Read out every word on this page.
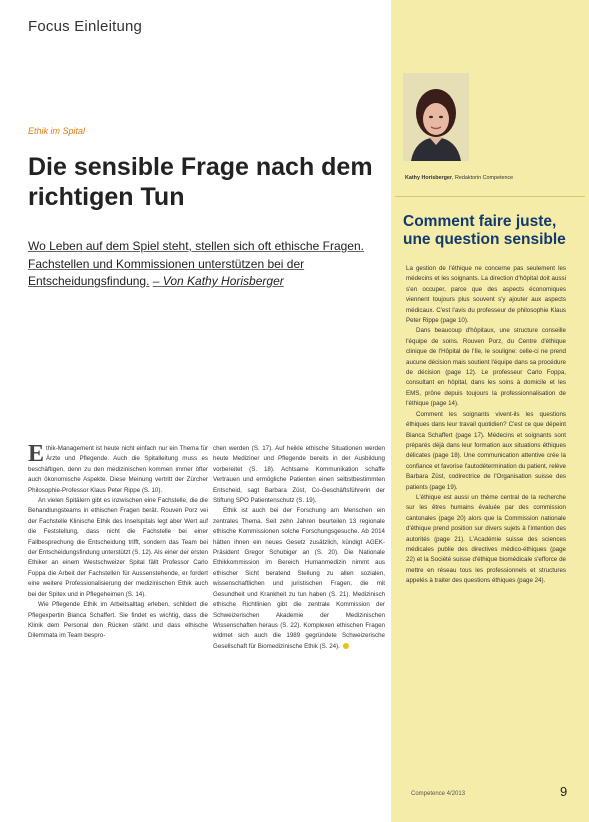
Focus Einleitung
Ethik im Spital
Die sensible Frage nach dem richtigen Tun
Wo Leben auf dem Spiel steht, stellen sich oft ethische Fragen. Fachstellen und Kommissionen unterstützen bei der Entscheidungsfindung. – Von Kathy Horisberger

Ethik-Management ist heute nicht einfach nur ein Thema für Ärzte und Pflegende. Auch die Spitalleitung muss es beschäftigen, denn zu den medizinischen kommen immer öfter auch ökonomische Aspekte. Diese Meinung vertritt der Zürcher Philosophie-Professor Klaus Peter Rippe (S. 10).

An vielen Spitälern gibt es inzwischen eine Fachstelle, die die Behandlungsteams in ethischen Fragen berät. Rouven Porz vei der Fachstelle Klinische Ethik des Inselspitals legt aber Wert auf die Feststellung, dass nicht die Fachstelle bei einer Fallbesprechung die Entscheidung trifft, sondern das Team bei der Entscheidungsfindung unterstützt (S. 12). Als einer der ersten Ethiker an einem Westschweizer Spital fällt Professor Carlo Foppa die Arbeit der Fachstellen für Aussenstehende, er fordert eine weitere Professionalisierung der medizinischen Ethik auch bei der Spitex und in Pflegeheimen (S. 14).

Wie Pflegende Ethik im Arbeitsalltag erleben, schildert die Pflegexpertin Bianca Schaffert. Sie findet es wichtig, dass die Klinik dem Personal den Rücken stärkt und dass ethische Dilemmata im Team bespro-

chen werden (S. 17). Auf heikle ethische Situationen werden heute Mediziner und Pflegende bereits in der Ausbildung vorbereitet (S. 18). Achtsame Kommunikation schaffe Vertrauen und ermögliche Patienten einen selbstbestimmten Entscheid, sagt Barbara Züst, Co-Geschäftsführerin der Stiftung SPO Patientenschutz (S. 19).

Ethik ist auch bei der Forschung am Menschen ein zentrales Thema. Seit zehn Jahren beurteilen 13 regionale ethische Kommissionen solche Forschungsgesuche. Ab 2014 hätten ihnen ein neues Gesetz zusätzlich, kündigt AGEK-Präsident Gregor Schubiger an (S. 20). Die Nationale Ethikkommission im Bereich Humanmedizin nimmt aus ethischer Sicht beratend Stellung zu allen sozialen, wissenschaftlichen und juristischen Fragen, die mit Gesundheit und Krankheit zu tun haben (S. 21). Medizinisch ethische Richtlinien gibt die zentrale Kommission der Schweizerischen Akademie der Medizinischen Wissenschaften heraus (S. 22). Komplexen ethischen Fragen widmet sich auch die 1989 gegründete Schweizerische Gesellschaft für Biomedizinische Ethik (S. 24).

Kathy Horisberger, Redaktorin Competence
Comment faire juste, une question sensible

La gestion de l'éthique ne concerne pas seulement les médecins et les soignants. La direction d'hôpital doit aussi s'en occuper, parce que des aspects économiques viennent toujours plus souvent s'y ajouter aux aspects médicaux. C'est l'avis du professeur de philosophie Klaus Peter Rippe (page 10).

Dans beaucoup d'hôpitaux, une structure conseille l'équipe de soins. Rouven Porz, du Centre d'éthique clinique de l'Hôpital de l'Ile, le souligne: celle-ci ne prend aucune décision mais soutient l'équipe dans sa procédure de décision (page 12). Le professeur Carlo Foppa, consultant en hôpital, dans les soins à domicile et les EMS, prône depuis toujours la professionnalisation de l'éthique (page 14).

Comment les soignants vivent-ils les questions éthiques dans leur travail quotidien? C'est ce que dépeint Bianca Schaffert (page 17). Médecins et soignants sont préparés déjà dans leur formation aux situations éthiques délicates (page 18). Une communication attentive crée la confiance et favorise l'autodétermination du patient, relève Barbara Züst, codirectrice de l'Organisation suisse des patients (page 19).

L'éthique est aussi un thème central de la recherche sur les êtres humains évaluée par des commission cantonales (page 20) alors que la Commission nationale d'éthique prend position sur divers sujets à l'intention des autorités (page 21). L'Académie suisse des sciences médicales publie des directives médico-éthiques (page 22) et la Société suisse d'éthique biomédicale s'efforce de mettre en réseau tous les professionnels et structures appelés à traiter des questions éthiques (page 24).

Competence 4/2013	9
